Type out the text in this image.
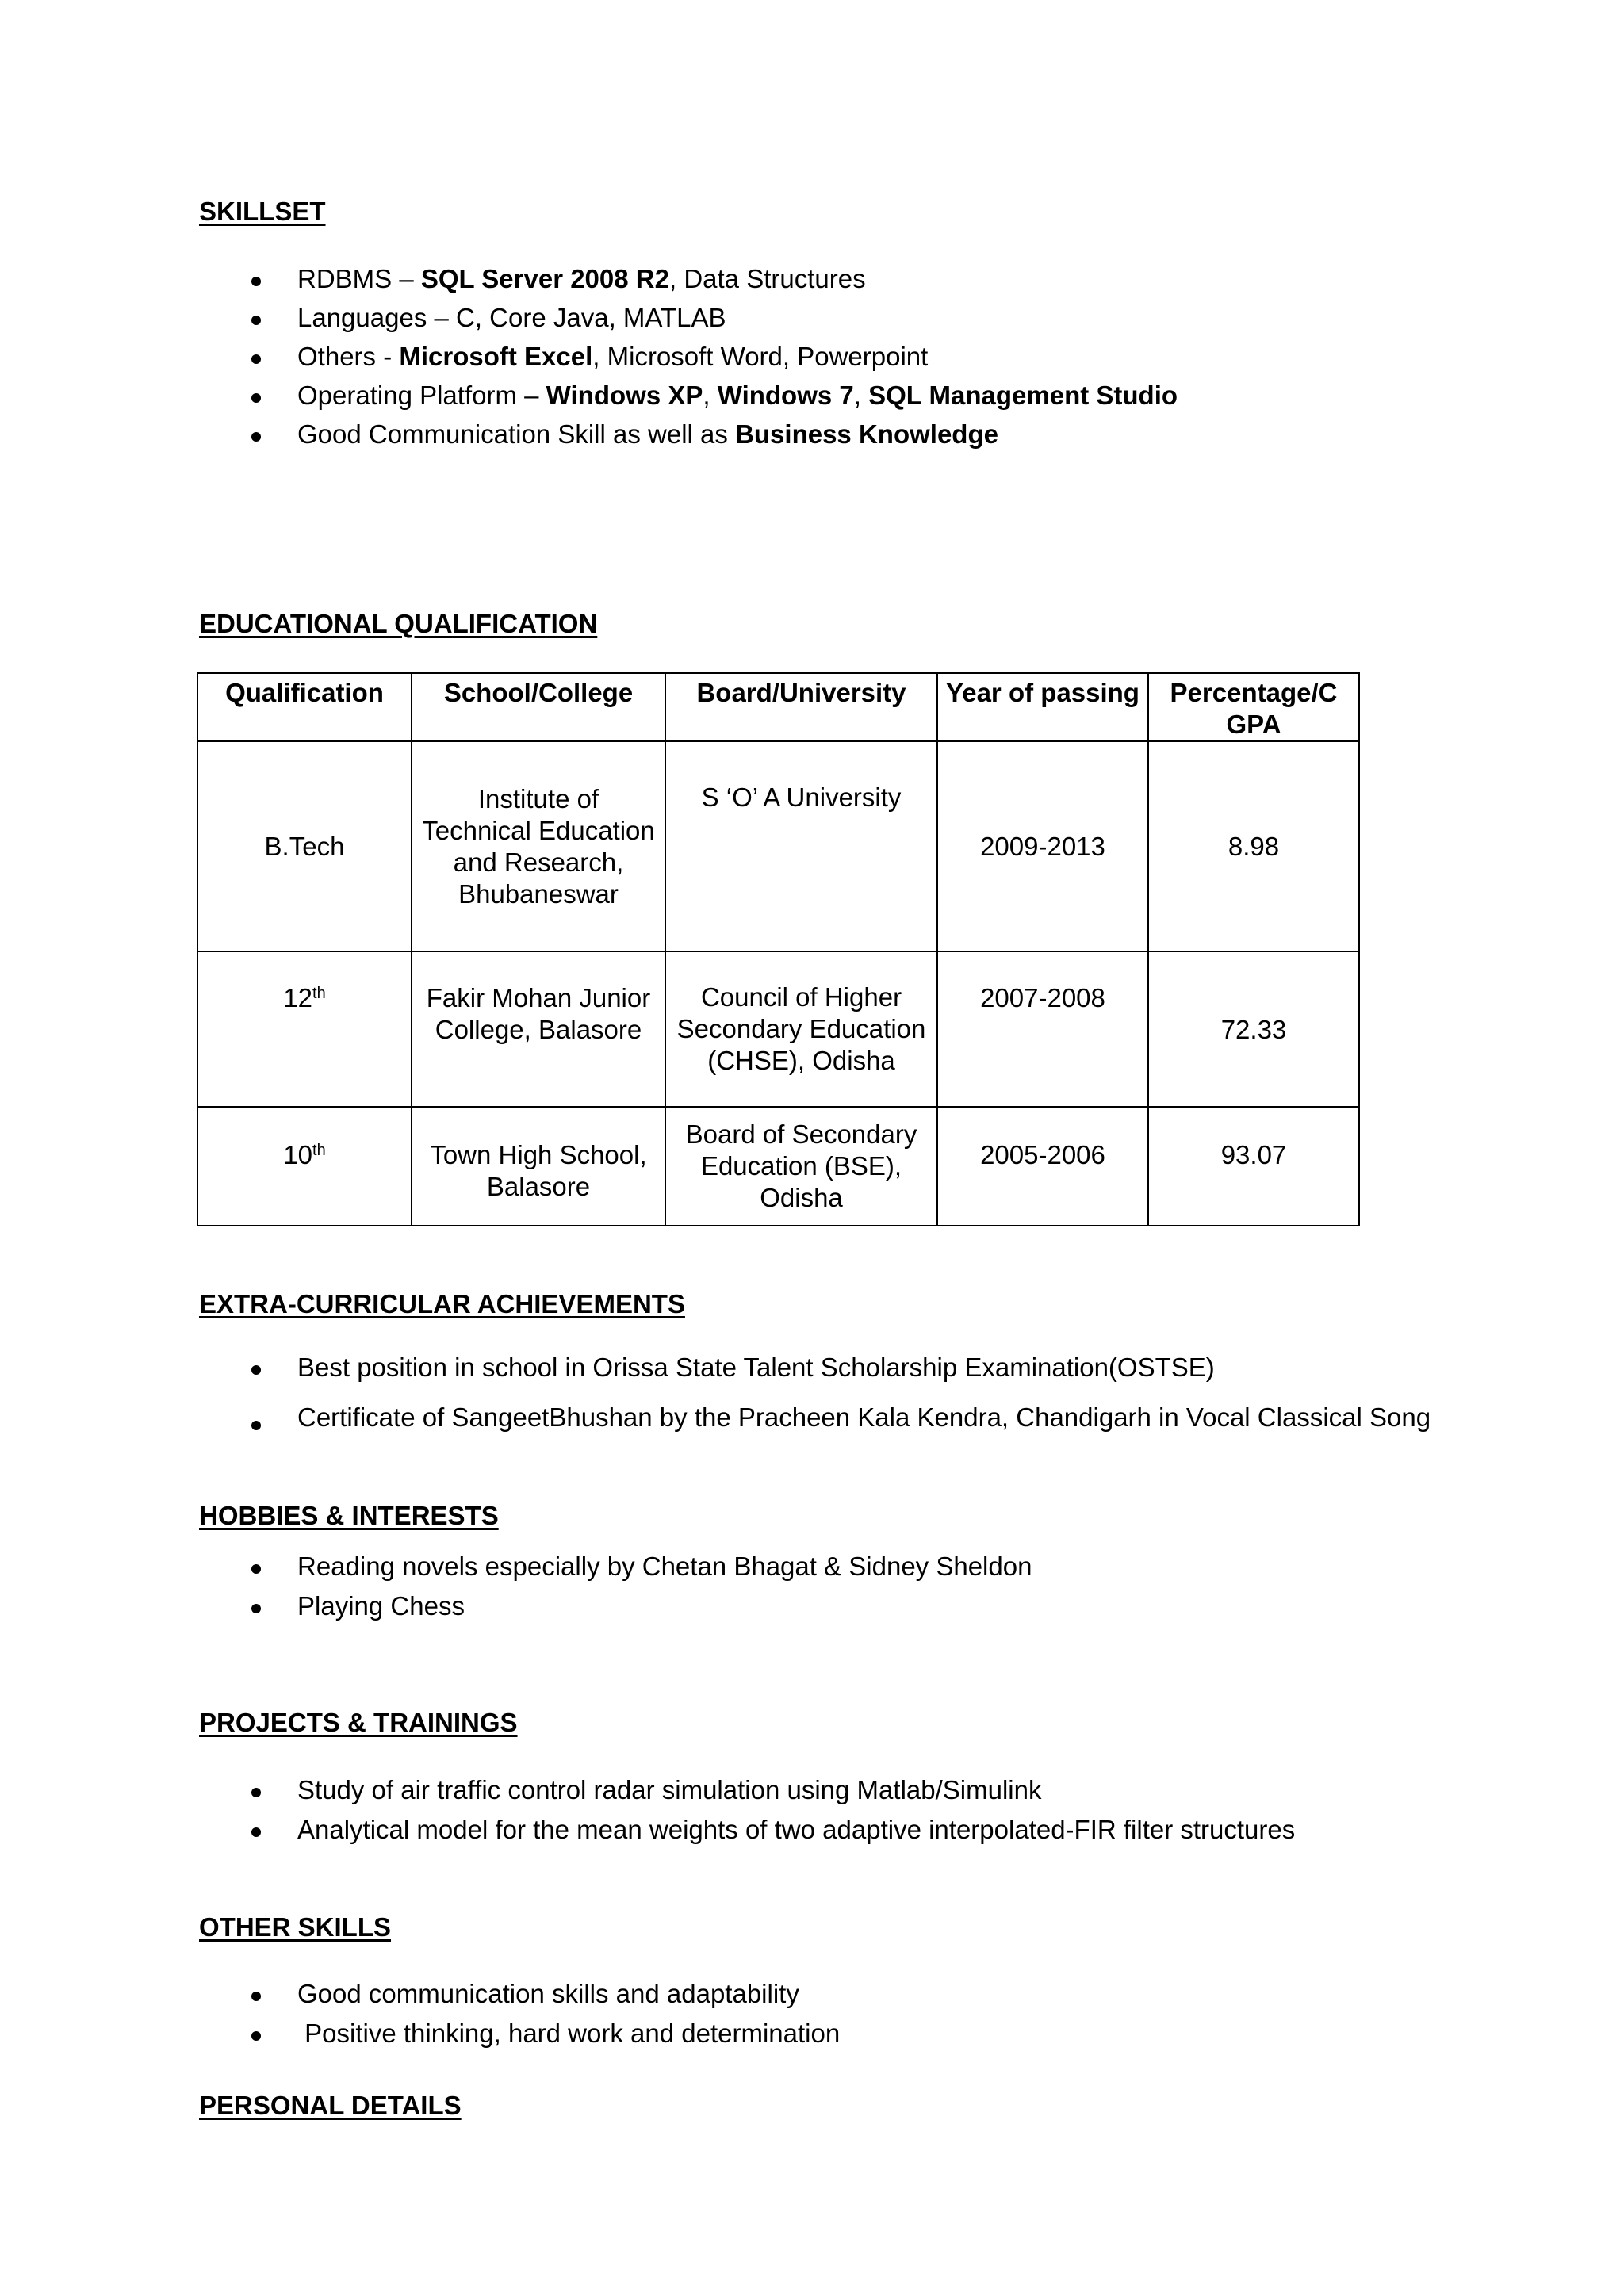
SKILLSET
RDBMS – SQL Server 2008 R2, Data Structures
Languages – C, Core Java, MATLAB
Others - Microsoft Excel, Microsoft Word, Powerpoint
Operating Platform – Windows XP, Windows 7, SQL Management Studio
Good Communication Skill as well as Business Knowledge
EDUCATIONAL QUALIFICATION
Qualification	School/College	Board/University	Year of passing	Percentage/C GPA
B.Tech	Institute of Technical Education and Research, Bhubaneswar	S ‘O’ A University	2009-2013	8.98
12th	Fakir Mohan Junior College, Balasore	Council of Higher Secondary Education (CHSE), Odisha	2007-2008	72.33
10th	Town High School, Balasore	Board of Secondary Education (BSE), Odisha	2005-2006	93.07
EXTRA-CURRICULAR ACHIEVEMENTS

Best position in school in Orissa State Talent Scholarship Examination(OSTSE)

Certificate of SangeetBhushan by the Pracheen Kala Kendra, Chandigarh in Vocal Classical Song
HOBBIES & INTERESTS

Reading novels especially by Chetan Bhagat & Sidney Sheldon

Playing Chess

PROJECTS & TRAININGS

Study of air traffic control radar simulation using Matlab/Simulink

Analytical model for the mean weights of two adaptive interpolated-FIR filter structures

OTHER SKILLS

Good communication skills and adaptability

Positive thinking, hard work and determination

PERSONAL DETAILS
